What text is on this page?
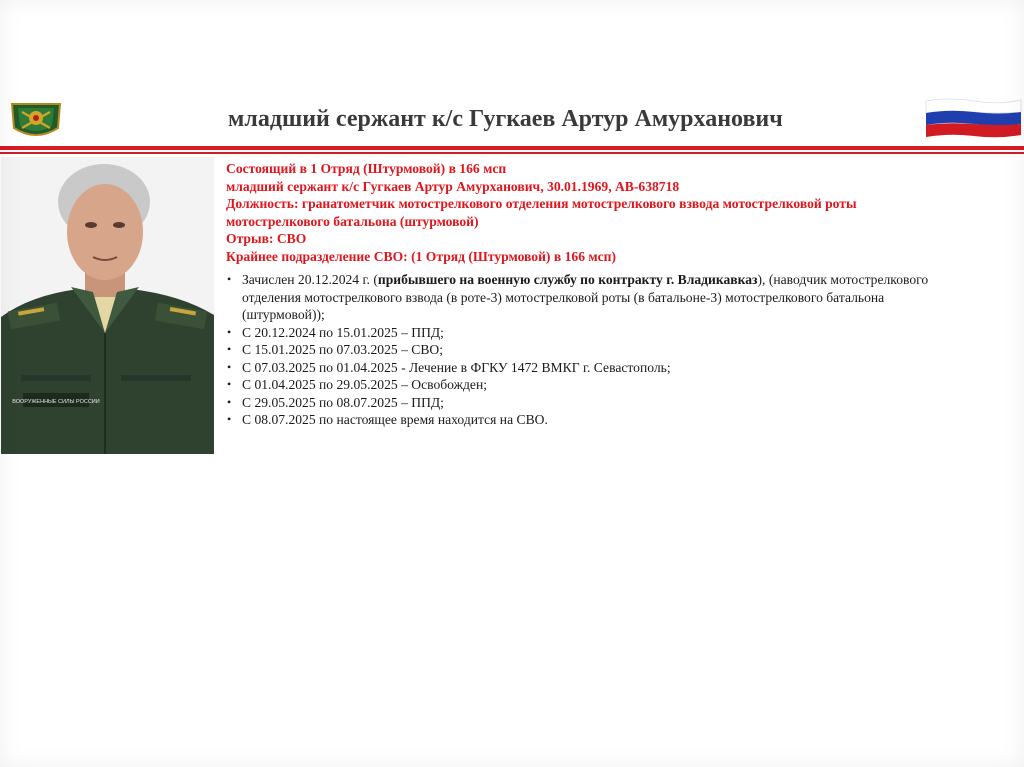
младший сержант к/с Гугкаев Артур Амурханович
ВООРУЖЕННЫЕ СИЛЫ РОССИИ
Состоящий в 1 Отряд (Штурмовой) в 166 мсп
младший сержант к/с Гугкаев Артур Амурханович, 30.01.1969, АВ-638718
Должность: гранатометчик мотострелкового отделения мотострелкового взвода мотострелковой роты
мотострелкового батальона (штурмовой)
Отрыв: СВО
Крайнее подразделение СВО: (1 Отряд (Штурмовой) в 166 мсп)
• Зачислен 20.12.2024 г. (прибывшего на военную службу по контракту г. Владикавказ), (наводчик мотострелкового
отделения мотострелкового взвода (в роте-3) мотострелковой роты (в батальоне-3) мотострелкового батальона
(штурмовой));
• С 20.12.2024 по 15.01.2025 – ППД;
• С 15.01.2025 по 07.03.2025 – СВО;
• С 07.03.2025 по 01.04.2025 - Лечение в ФГКУ 1472 ВМКГ г. Севастополь;
• С 01.04.2025 по 29.05.2025 – Освобожден;
• С 29.05.2025 по 08.07.2025 – ППД;
• С 08.07.2025 по настоящее время находится на СВО.
